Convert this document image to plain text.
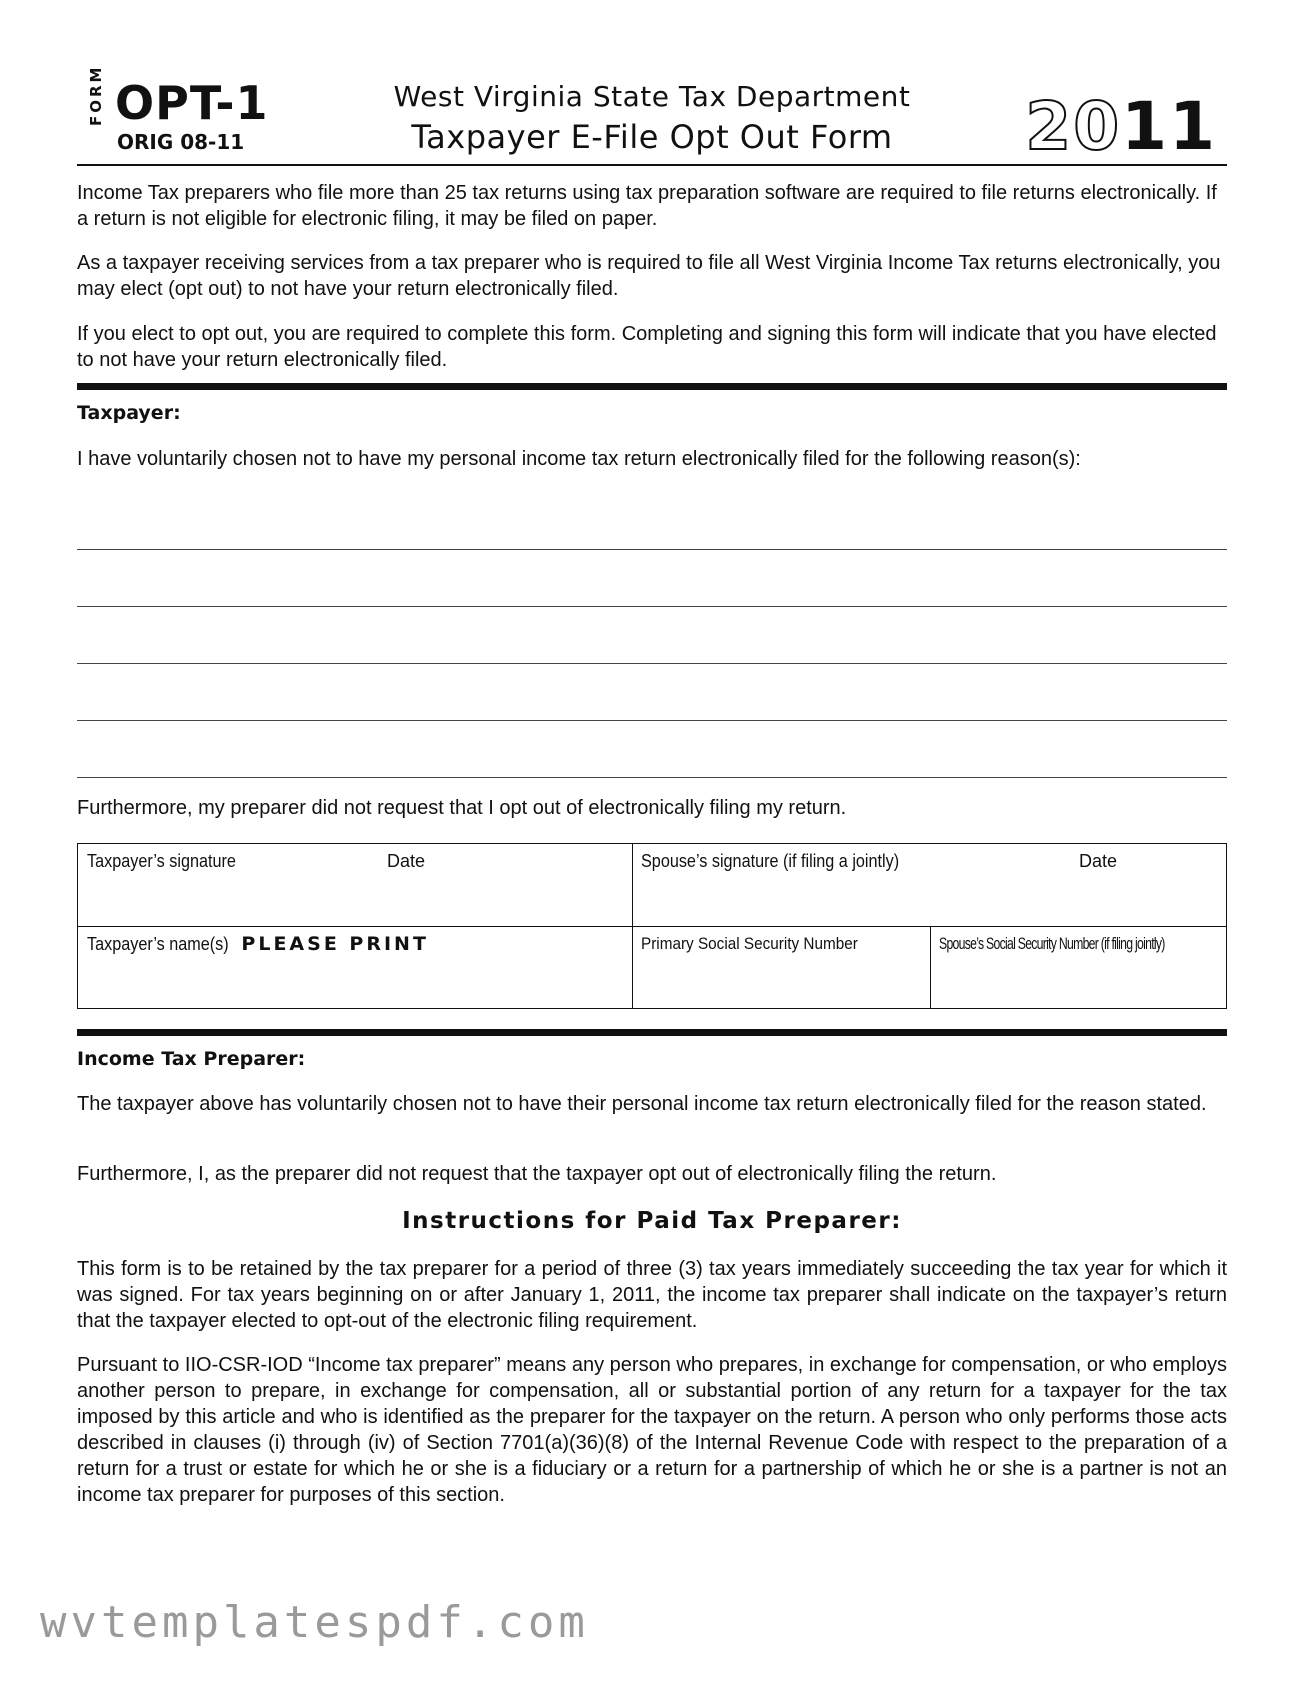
FORM OPT-1
ORIG 08-11
West Virginia State Tax Department
Taxpayer E-File Opt Out Form	2011

Income Tax preparers who file more than 25 tax returns using tax preparation software are required to file returns electronically. If a return is not eligible for electronic filing, it may be filed on paper.

As a taxpayer receiving services from a tax preparer who is required to file all West Virginia Income Tax returns electronically, you may elect (opt out) to not have your return electronically filed.

If you elect to opt out, you are required to complete this form. Completing and signing this form will indicate that you have elected to not have your return electronically filed.

Taxpayer:

I have voluntarily chosen not to have my personal income tax return electronically filed for the following reason(s):

Furthermore, my preparer did not request that I opt out of electronically filing my return.

Taxpayer’s signature	Date	Spouse’s signature (if filing a jointly)	Date
Taxpayer’s name(s) PLEASE PRINT	Primary Social Security Number	Spouse’s Social Security Number (if filing jointly)
Income Tax Preparer:

The taxpayer above has voluntarily chosen not to have their personal income tax return electronically filed for the reason stated.

Furthermore, I, as the preparer did not request that the taxpayer opt out of electronically filing the return.

Instructions for Paid Tax Preparer:

This form is to be retained by the tax preparer for a period of three (3) tax years immediately succeeding the tax year for which it was signed. For tax years beginning on or after January 1, 2011, the income tax preparer shall indicate on the taxpayer’s return that the taxpayer elected to opt-out of the electronic filing requirement.

Pursuant to IIO-CSR-IOD “Income tax preparer” means any person who prepares, in exchange for compensation, or who employs another person to prepare, in exchange for compensation, all or substantial portion of any return for a taxpayer for the tax imposed by this article and who is identified as the preparer for the taxpayer on the return. A person who only performs those acts described in clauses (i) through (iv) of Section 7701(a)(36)(8) of the Internal Revenue Code with respect to the preparation of a return for a trust or estate for which he or she is a fiduciary or a return for a partnership of which he or she is a partner is not an income tax preparer for purposes of this section.

wvtemplatespdf.com
